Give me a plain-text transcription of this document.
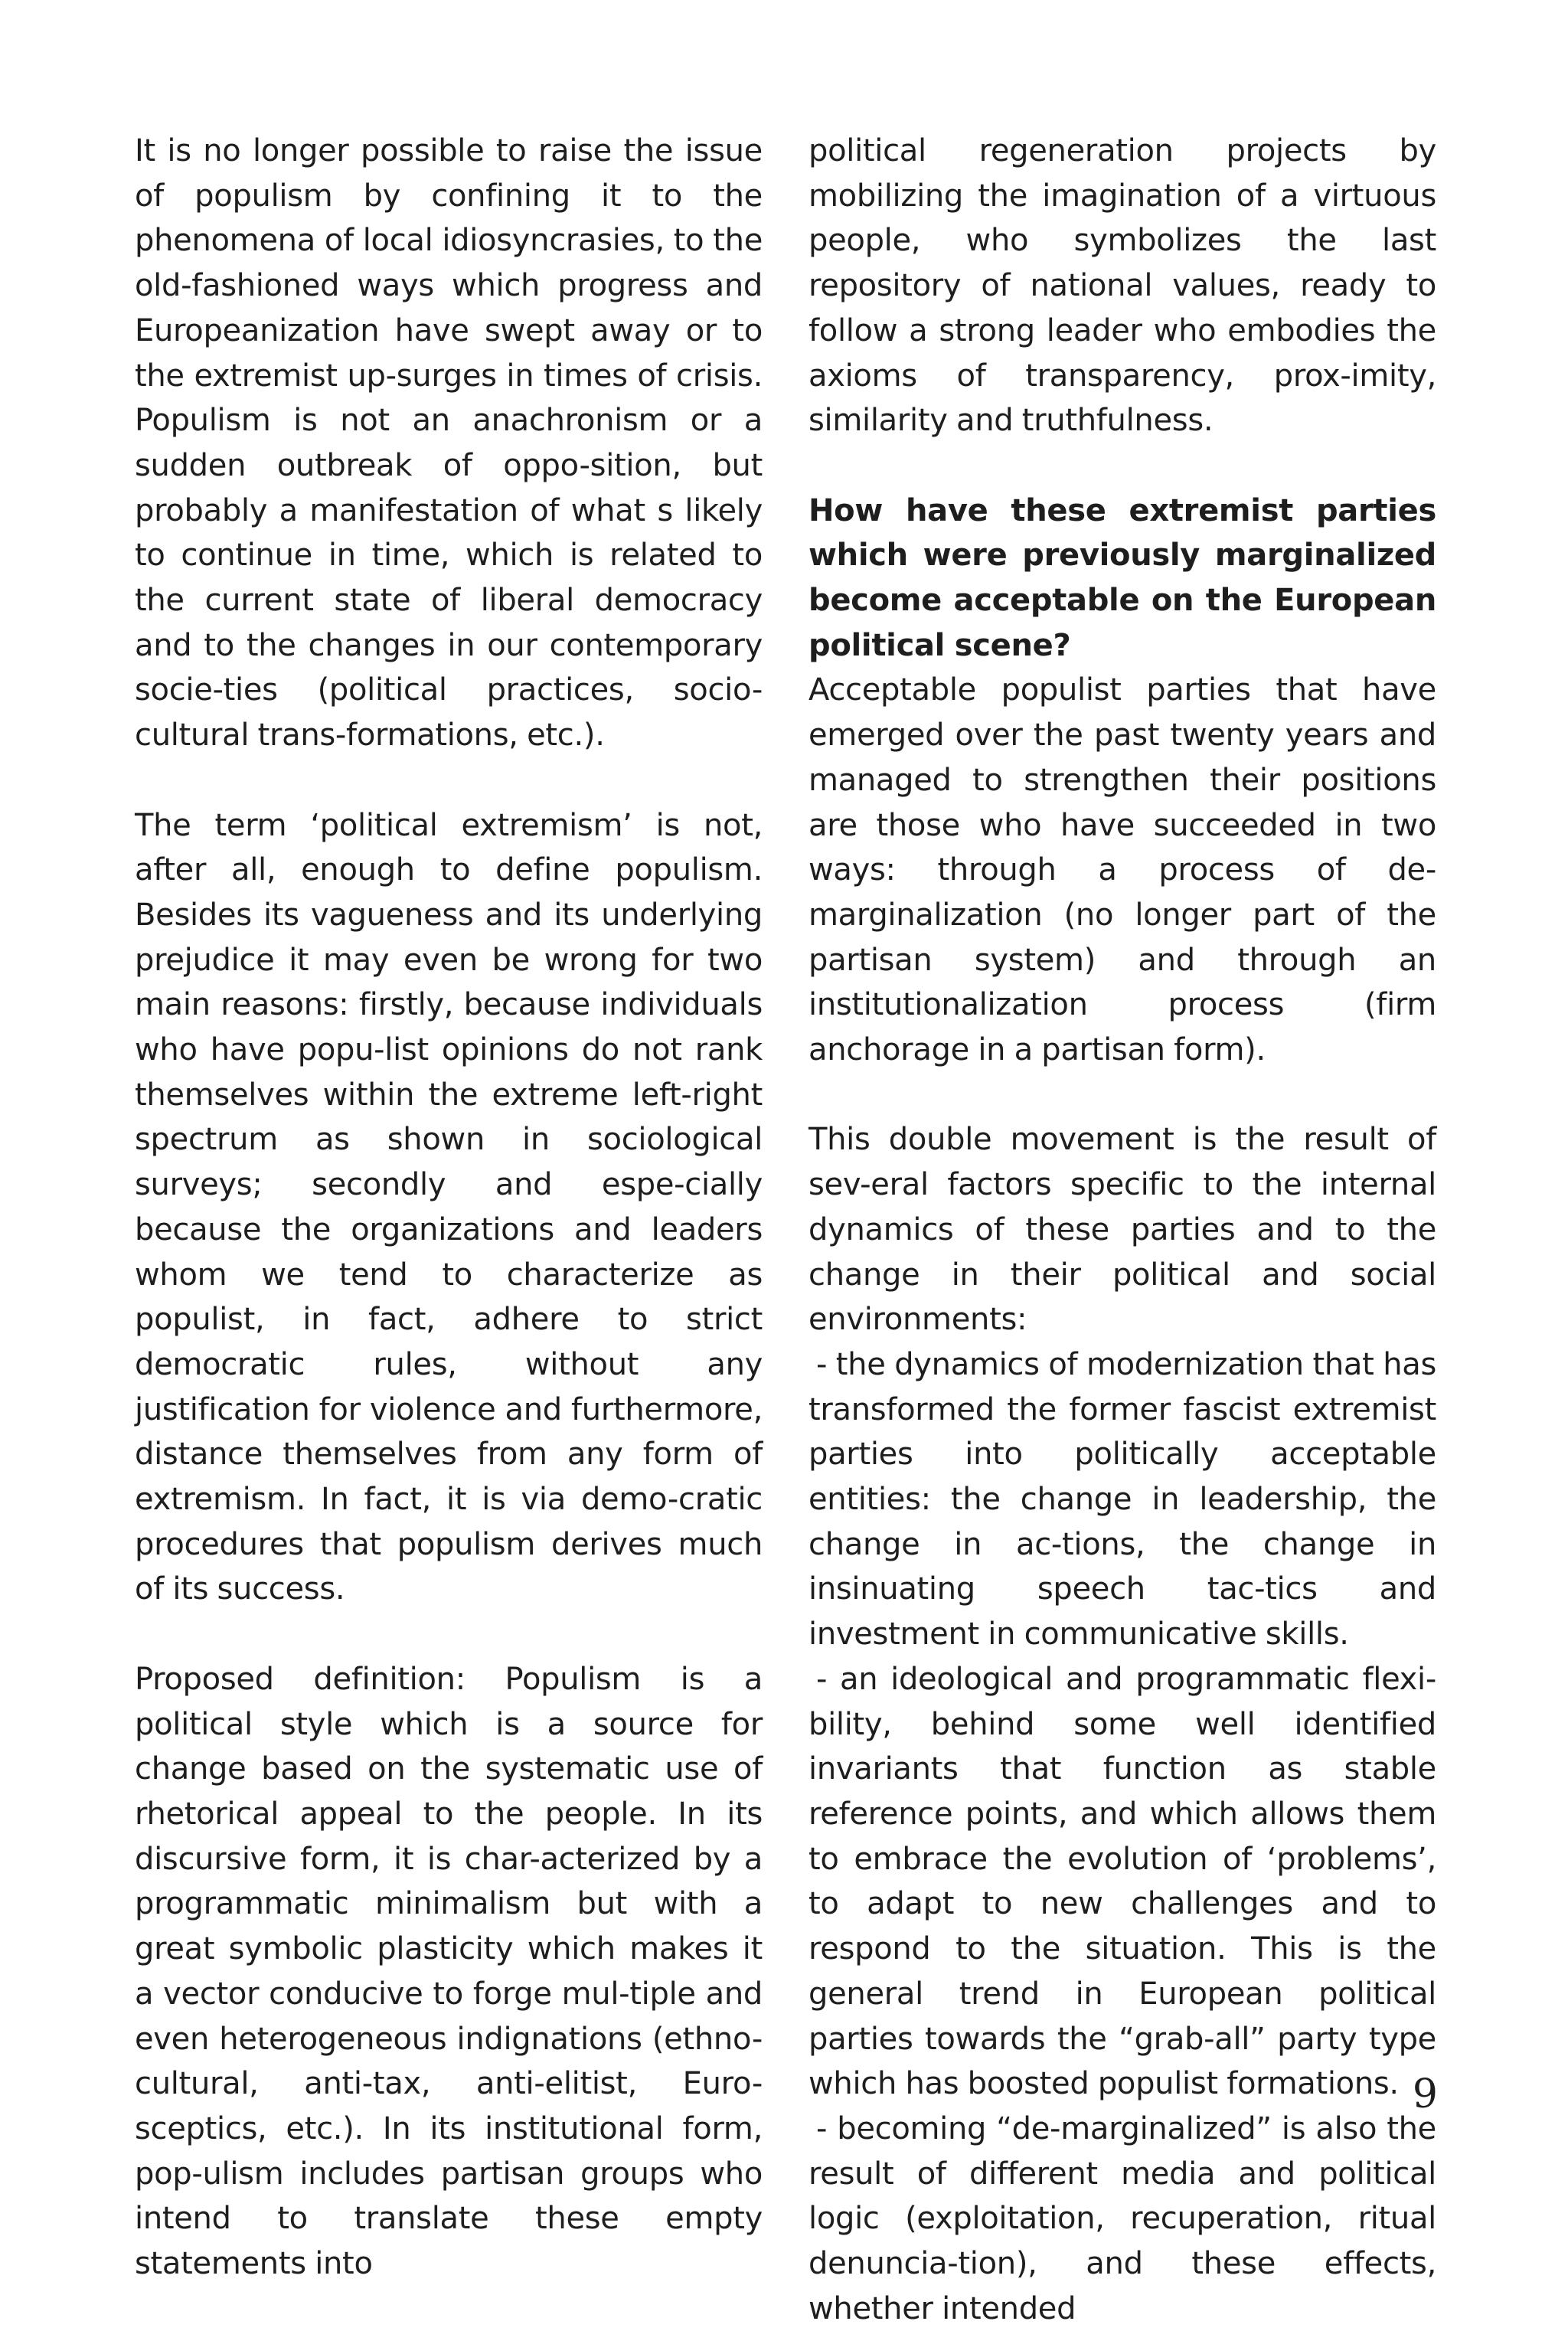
It is no longer possible to raise the issue of populism by confining it to the phenomena of local idiosyncrasies, to the old-fashioned ways which progress and Europeanization have swept away or to the extremist up-surges in times of crisis. Populism is not an anachronism or a sudden outbreak of oppo-sition, but probably a manifestation of what s likely to continue in time, which is related to the current state of liberal democracy and to the changes in our contemporary socie-ties (political practices, socio-cultural trans-formations, etc.).

The term ‘political extremism’ is not, after all, enough to define populism. Besides its vagueness and its underlying prejudice it may even be wrong for two main reasons: firstly, because individuals who have popu-list opinions do not rank themselves within the extreme left-right spectrum as shown in sociological surveys; secondly and espe-cially because the organizations and leaders whom we tend to characterize as populist, in fact, adhere to strict democratic rules, without any justification for violence and furthermore, distance themselves from any form of extremism. In fact, it is via demo-cratic procedures that populism derives much of its success.

Proposed definition: Populism is a political style which is a source for change based on the systematic use of rhetorical appeal to the people. In its discursive form, it is char-acterized by a programmatic minimalism but with a great symbolic plasticity which makes it a vector conducive to forge mul-tiple and even heterogeneous indignations (ethno-cultural, anti-tax, anti-elitist, Euro-sceptics, etc.). In its institutional form, pop-ulism includes partisan groups who intend to translate these empty statements into

political regeneration projects by mobilizing the imagination of a virtuous people, who symbolizes the last repository of national values, ready to follow a strong leader who embodies the axioms of transparency, prox-imity, similarity and truthfulness.

How have these extremist parties which were previously marginalized become acceptable on the European political scene?

Acceptable populist parties that have emerged over the past twenty years and managed to strengthen their positions are those who have succeeded in two ways: through a process of de-marginalization (no longer part of the partisan system) and through an institutionalization process (firm anchorage in a partisan form).

This double movement is the result of sev-eral factors specific to the internal dynamics of these parties and to the change in their political and social environments:

- the dynamics of modernization that has transformed the former fascist extremist parties into politically acceptable entities: the change in leadership, the change in ac-tions, the change in insinuating speech tac-tics and investment in communicative skills.

- an ideological and programmatic flexi-bility, behind some well identified invariants that function as stable reference points, and which allows them to embrace the evolution of ‘problems’, to adapt to new challenges and to respond to the situation. This is the general trend in European political parties towards the “grab-all” party type which has boosted populist formations.

- becoming “de-marginalized” is also the result of different media and political logic (exploitation, recuperation, ritual denuncia-tion), and these effects, whether intended

9
